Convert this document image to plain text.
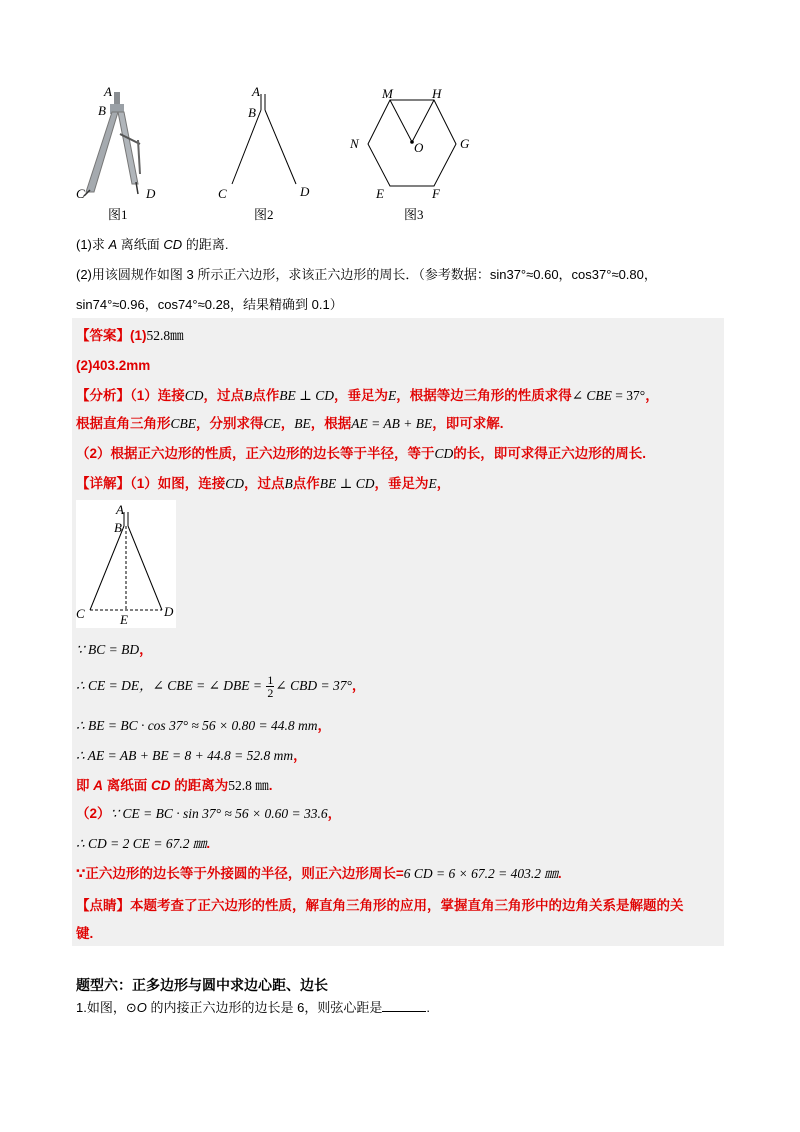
A
B
C	D
图1
A
B
C	D
图2
M	H
N	O	G
E	F
图3
(1)求 A 离纸面 CD 的距离.
(2)用该圆规作如图 3 所示正六边形，求该正六边形的周长．（参考数据：sin37°≈0.60，cos37°≈0.80，
sin74°≈0.96，cos74°≈0.28，结果精确到 0.1）
【答案】(1)52.8㎜
(2)403.2mm
【分析】（1）连接CD，过点B点作BE ⊥ CD，垂足为E，根据等边三角形的性质求得∠ CBE = 37°，
根据直角三角形CBE，分别求得CE，BE，根据AE = AB + BE，即可求解.
（2）根据正六边形的性质，正六边形的边长等于半径，等于CD的长，即可求得正六边形的周长.
【详解】（1）如图，连接CD，过点B点作BE ⊥ CD，垂足为E，
A
B
C	D
E
∵ BC = BD，
∴ CE = DE，∠ CBE = ∠ DBE = $\frac{1}{2}$ ∠ CBD = 37°，
∴ BE = BC · cos 37° ≈ 56 × 0.80 = 44.8 mm，
∴ AE = AB + BE = 8 + 44.8 = 52.8 mm，
即 A 离纸面 CD 的距离为52.8 ㎜.
（2）∵ CE = BC · sin 37° ≈ 56 × 0.60 = 33.6，
∴ CD = 2 CE = 67.2 ㎜.
∵正六边形的边长等于外接圆的半径，则正六边形周长=6 CD = 6 × 67.2 = 403.2 ㎜.
【点睛】本题考查了正六边形的性质，解直角三角形的应用，掌握直角三角形中的边角关系是解题的关
键.
题型六：正多边形与圆中求边心距、边长
1.如图，⊙O 的内接正六边形的边长是 6，则弦心距是	.
